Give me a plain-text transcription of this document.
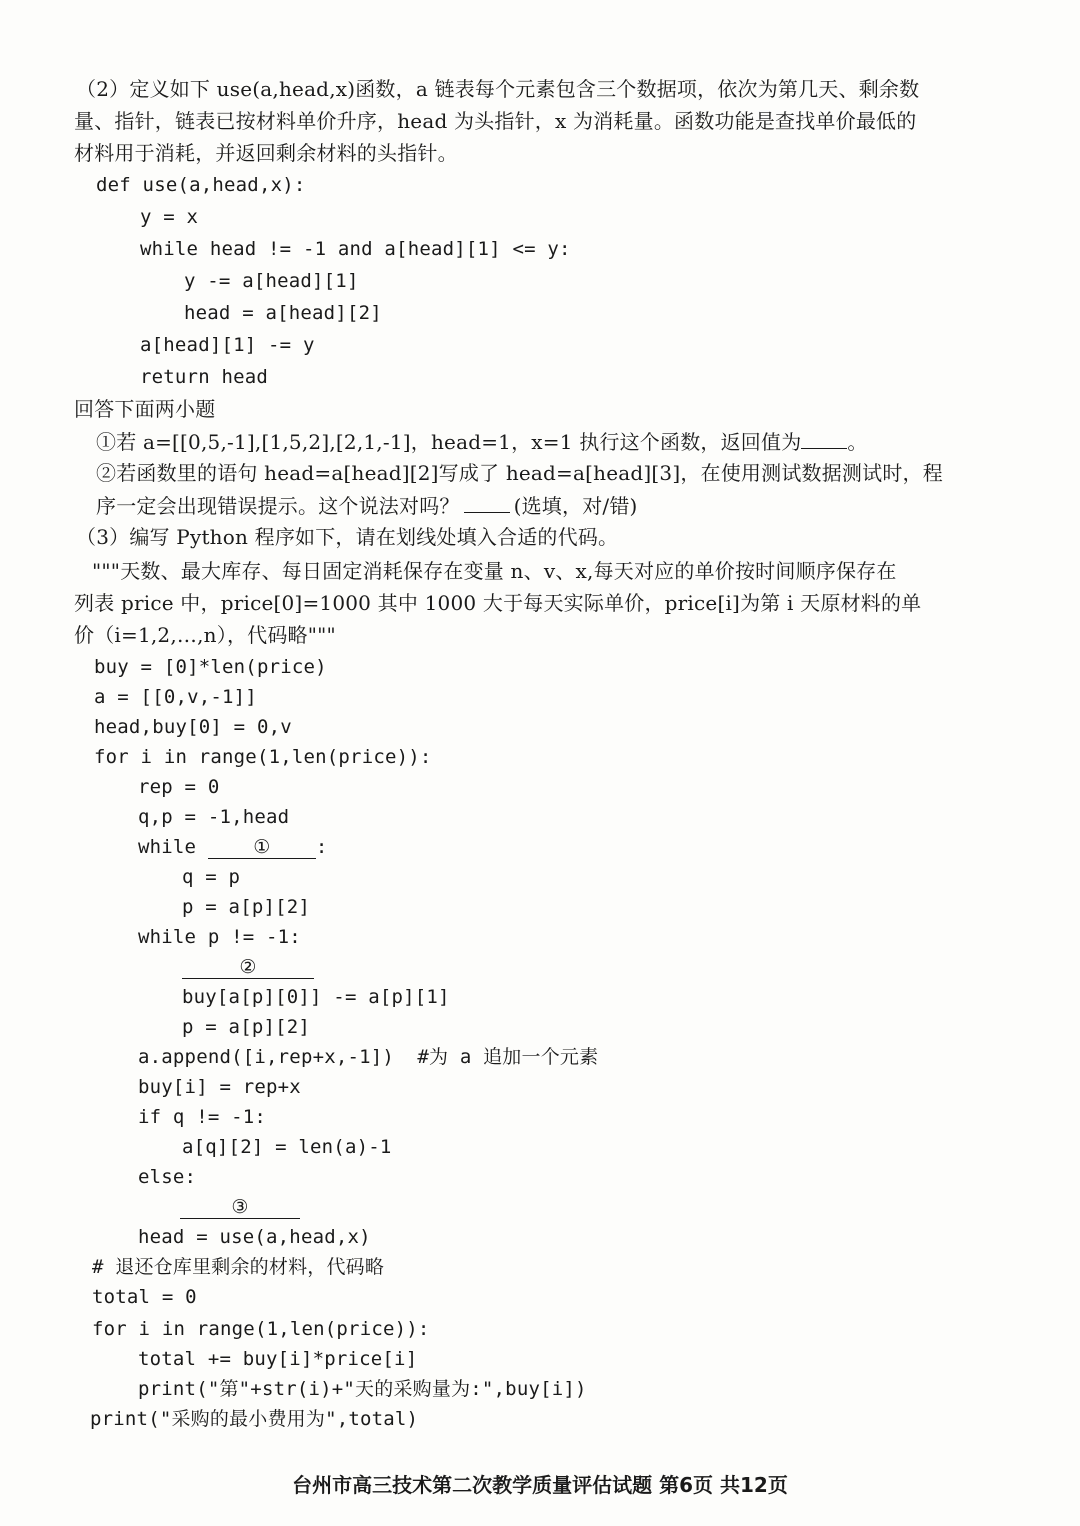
（2）定义如下 use(a,head,x)函数，a 链表每个元素包含三个数据项，依次为第几天、剩余数
量、指针，链表已按材料单价升序，head 为头指针，x 为消耗量。函数功能是查找单价最低的
材料用于消耗，并返回剩余材料的头指针。
def use(a,head,x):
y = x
while head != -1 and a[head][1] <= y:
y -= a[head][1]
head = a[head][2]
a[head][1] -= y
return head
回答下面两小题
①若 a=[[0,5,-1],[1,5,2],[2,1,-1]，head=1，x=1 执行这个函数，返回值为 。
②若函数里的语句 head=a[head][2]写成了 head=a[head][3]，在使用测试数据测试时，程
序一定会出现错误提示。这个说法对吗？	(选填，对/错)
（3）编写 Python 程序如下，请在划线处填入合适的代码。
"""天数、最大库存、每日固定消耗保存在变量 n、v、x,每天对应的单价按时间顺序保存在
列表 price 中，price[0]=1000 其中 1000 大于每天实际单价，price[i]为第 i 天原材料的单
价（i=1,2,…,n），代码略"""
buy = [0]*len(price)
a = [[0,v,-1]]
head,buy[0] = 0,v
for i in range(1,len(price)):
rep = 0
q,p = -1,head
while	① :
q = p
p = a[p][2]
while p != -1:
②
buy[a[p][0]] -= a[p][1]
p = a[p][2]
a.append([i,rep+x,-1])  #为 a 追加一个元素
buy[i] = rep+x
if q != -1:
a[q][2] = len(a)-1
else:
③
head = use(a,head,x)
# 退还仓库里剩余的材料，代码略
total = 0
for i in range(1,len(price)):
total += buy[i]*price[i]
print("第"+str(i)+"天的采购量为:",buy[i])
print("采购的最小费用为",total)
台州市高三技术第二次教学质量评估试题 第6页 共12页
